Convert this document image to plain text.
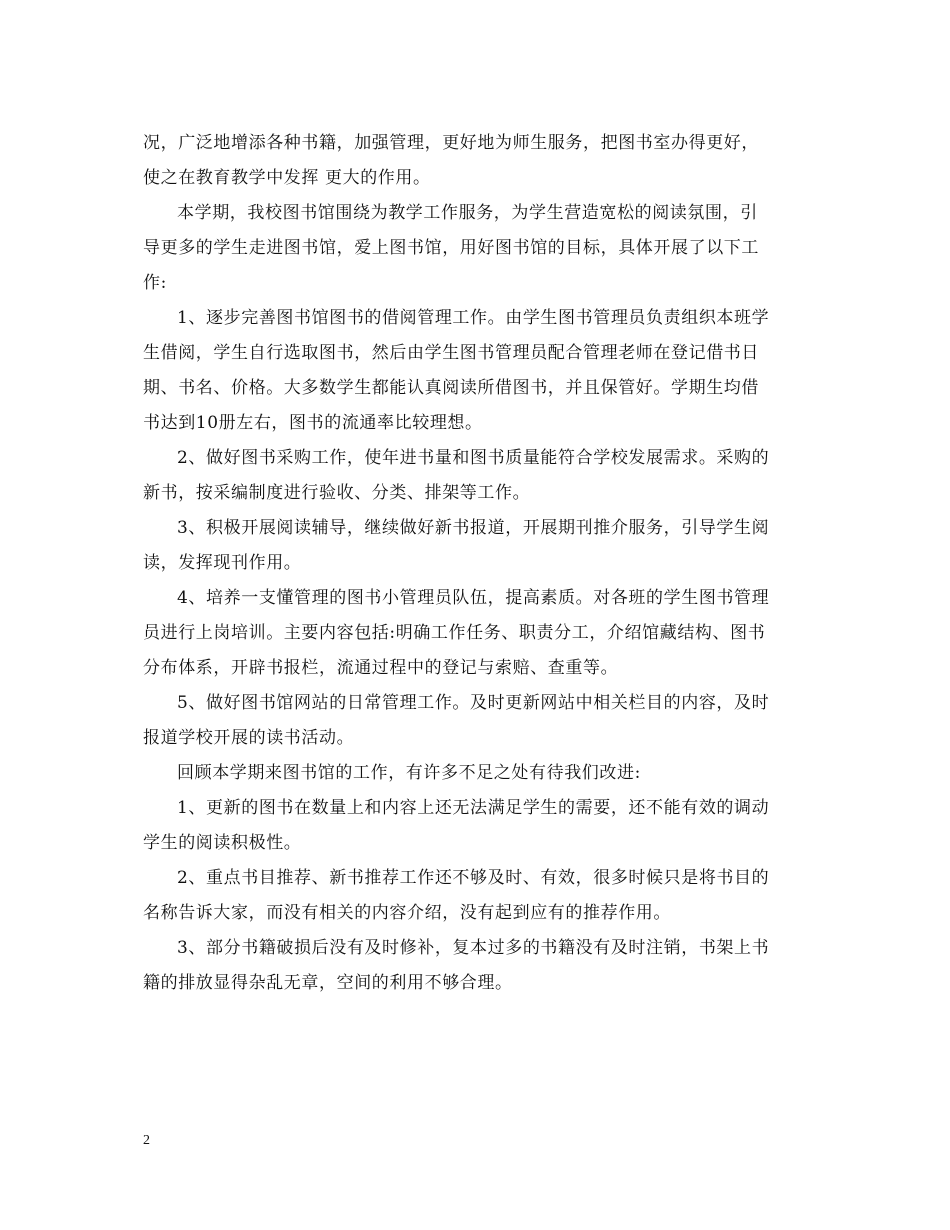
况，广泛地增添各种书籍，加强管理，更好地为师生服务，把图书室办得更好，
使之在教育教学中发挥 更大的作用。

本学期，我校图书馆围绕为教学工作服务，为学生营造宽松的阅读氛围，引
导更多的学生走进图书馆，爱上图书馆，用好图书馆的目标，具体开展了以下工
作:

1、逐步完善图书馆图书的借阅管理工作。由学生图书管理员负责组织本班学
生借阅，学生自行选取图书，然后由学生图书管理员配合管理老师在登记借书日
期、书名、价格。大多数学生都能认真阅读所借图书，并且保管好。学期生均借
书达到10册左右，图书的流通率比较理想。

2、做好图书采购工作，使年进书量和图书质量能符合学校发展需求。采购的
新书，按采编制度进行验收、分类、排架等工作。

3、积极开展阅读辅导，继续做好新书报道，开展期刊推介服务，引导学生阅
读，发挥现刊作用。

4、培养一支懂管理的图书小管理员队伍，提高素质。对各班的学生图书管理
员进行上岗培训。主要内容包括:明确工作任务、职责分工，介绍馆藏结构、图书
分布体系，开辟书报栏，流通过程中的登记与索赔、查重等。

5、做好图书馆网站的日常管理工作。及时更新网站中相关栏目的内容，及时
报道学校开展的读书活动。

回顾本学期来图书馆的工作，有许多不足之处有待我们改进:

1、更新的图书在数量上和内容上还无法满足学生的需要，还不能有效的调动
学生的阅读积极性。

2、重点书目推荐、新书推荐工作还不够及时、有效，很多时候只是将书目的
名称告诉大家，而没有相关的内容介绍，没有起到应有的推荐作用。

3、部分书籍破损后没有及时修补，复本过多的书籍没有及时注销，书架上书
籍的排放显得杂乱无章，空间的利用不够合理。

2
